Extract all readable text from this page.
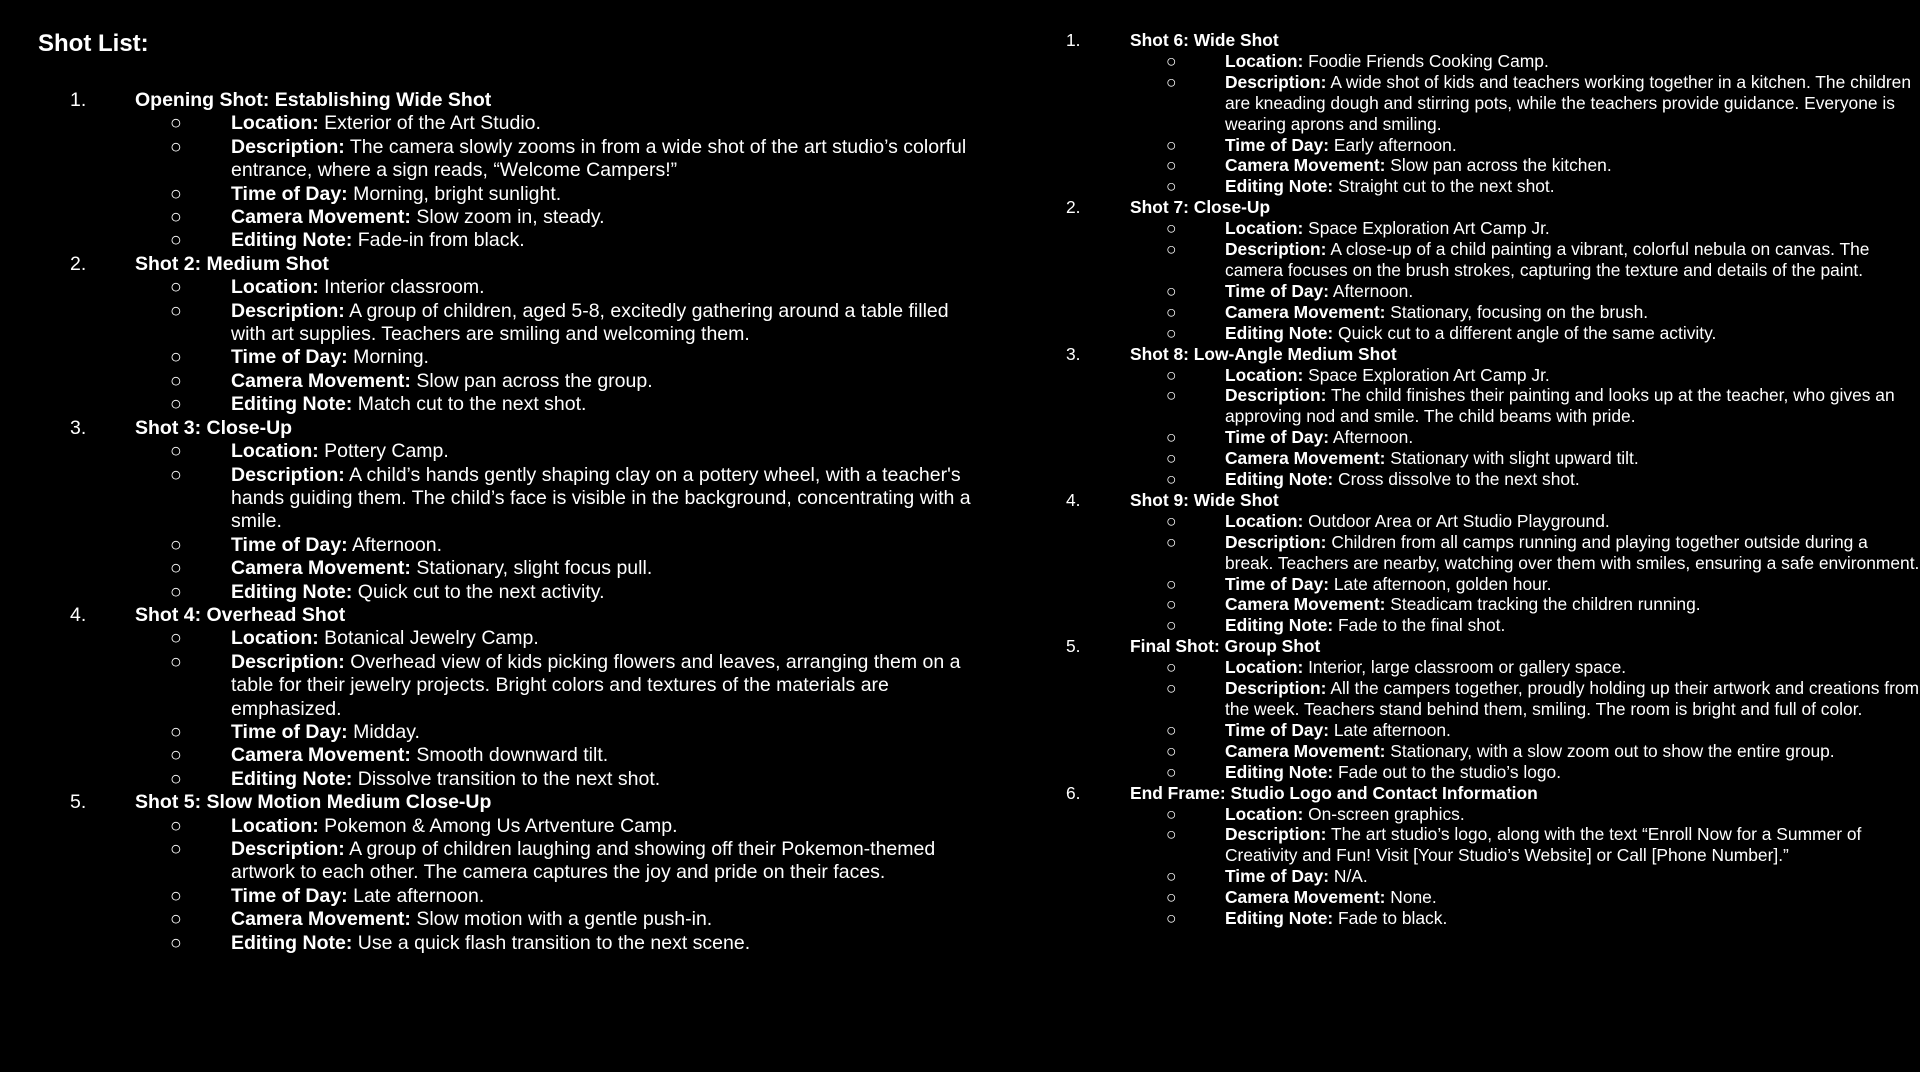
Shot List:
1. Opening Shot: Establishing Wide Shot
○	Location: Exterior of the Art Studio.
○	Description: The camera slowly zooms in from a wide shot of the art studio’s colorful entrance, where a sign reads, “Welcome Campers!”
○	Time of Day: Morning, bright sunlight.
○	Camera Movement: Slow zoom in, steady.
○	Editing Note: Fade-in from black.
2. Shot 2: Medium Shot
○	Location: Interior classroom.
○	Description: A group of children, aged 5-8, excitedly gathering around a table filled with art supplies. Teachers are smiling and welcoming them.
○	Time of Day: Morning.
○	Camera Movement: Slow pan across the group.
○	Editing Note: Match cut to the next shot.
3. Shot 3: Close-Up
○	Location: Pottery Camp.
○	Description: A child’s hands gently shaping clay on a pottery wheel, with a teacher's hands guiding them. The child’s face is visible in the background, concentrating with a smile.
○	Time of Day: Afternoon.
○	Camera Movement: Stationary, slight focus pull.
○	Editing Note: Quick cut to the next activity.
4. Shot 4: Overhead Shot
○	Location: Botanical Jewelry Camp.
○	Description: Overhead view of kids picking flowers and leaves, arranging them on a table for their jewelry projects. Bright colors and textures of the materials are emphasized.
○	Time of Day: Midday.
○	Camera Movement: Smooth downward tilt.
○	Editing Note: Dissolve transition to the next shot.
5. Shot 5: Slow Motion Medium Close-Up
○	Location: Pokemon & Among Us Artventure Camp.
○	Description: A group of children laughing and showing off their Pokemon-themed artwork to each other. The camera captures the joy and pride on their faces.
○	Time of Day: Late afternoon.
○	Camera Movement: Slow motion with a gentle push-in.
○	Editing Note: Use a quick flash transition to the next scene.
1.	Shot 6: Wide Shot
○	Location: Foodie Friends Cooking Camp.
○	Description: A wide shot of kids and teachers working together in a kitchen. The children are kneading dough and stirring pots, while the teachers provide guidance. Everyone is wearing aprons and smiling.
○	Time of Day: Early afternoon.
○	Camera Movement: Slow pan across the kitchen.
○	Editing Note: Straight cut to the next shot.
2.	Shot 7: Close-Up
○	Location: Space Exploration Art Camp Jr.
○	Description: A close-up of a child painting a vibrant, colorful nebula on canvas. The camera focuses on the brush strokes, capturing the texture and details of the paint.
○	Time of Day: Afternoon.
○	Camera Movement: Stationary, focusing on the brush.
○	Editing Note: Quick cut to a different angle of the same activity.
3.	Shot 8: Low-Angle Medium Shot
○	Location: Space Exploration Art Camp Jr.
○	Description: The child finishes their painting and looks up at the teacher, who gives an approving nod and smile. The child beams with pride.
○	Time of Day: Afternoon.
○	Camera Movement: Stationary with slight upward tilt.
○	Editing Note: Cross dissolve to the next shot.
4.	Shot 9: Wide Shot
○	Location: Outdoor Area or Art Studio Playground.
○	Description: Children from all camps running and playing together outside during a break. Teachers are nearby, watching over them with smiles, ensuring a safe environment.
○	Time of Day: Late afternoon, golden hour.
○	Camera Movement: Steadicam tracking the children running.
○	Editing Note: Fade to the final shot.
5.	Final Shot: Group Shot
○	Location: Interior, large classroom or gallery space.
○	Description: All the campers together, proudly holding up their artwork and creations from the week. Teachers stand behind them, smiling. The room is bright and full of color.
○	Time of Day: Late afternoon.
○	Camera Movement: Stationary, with a slow zoom out to show the entire group.
○	Editing Note: Fade out to the studio’s logo.
6.	End Frame: Studio Logo and Contact Information
○	Location: On-screen graphics.
○	Description: The art studio’s logo, along with the text “Enroll Now for a Summer of Creativity and Fun! Visit [Your Studio’s Website] or Call [Phone Number].”
○	Time of Day: N/A.
○	Camera Movement: None.
○	Editing Note: Fade to black.
